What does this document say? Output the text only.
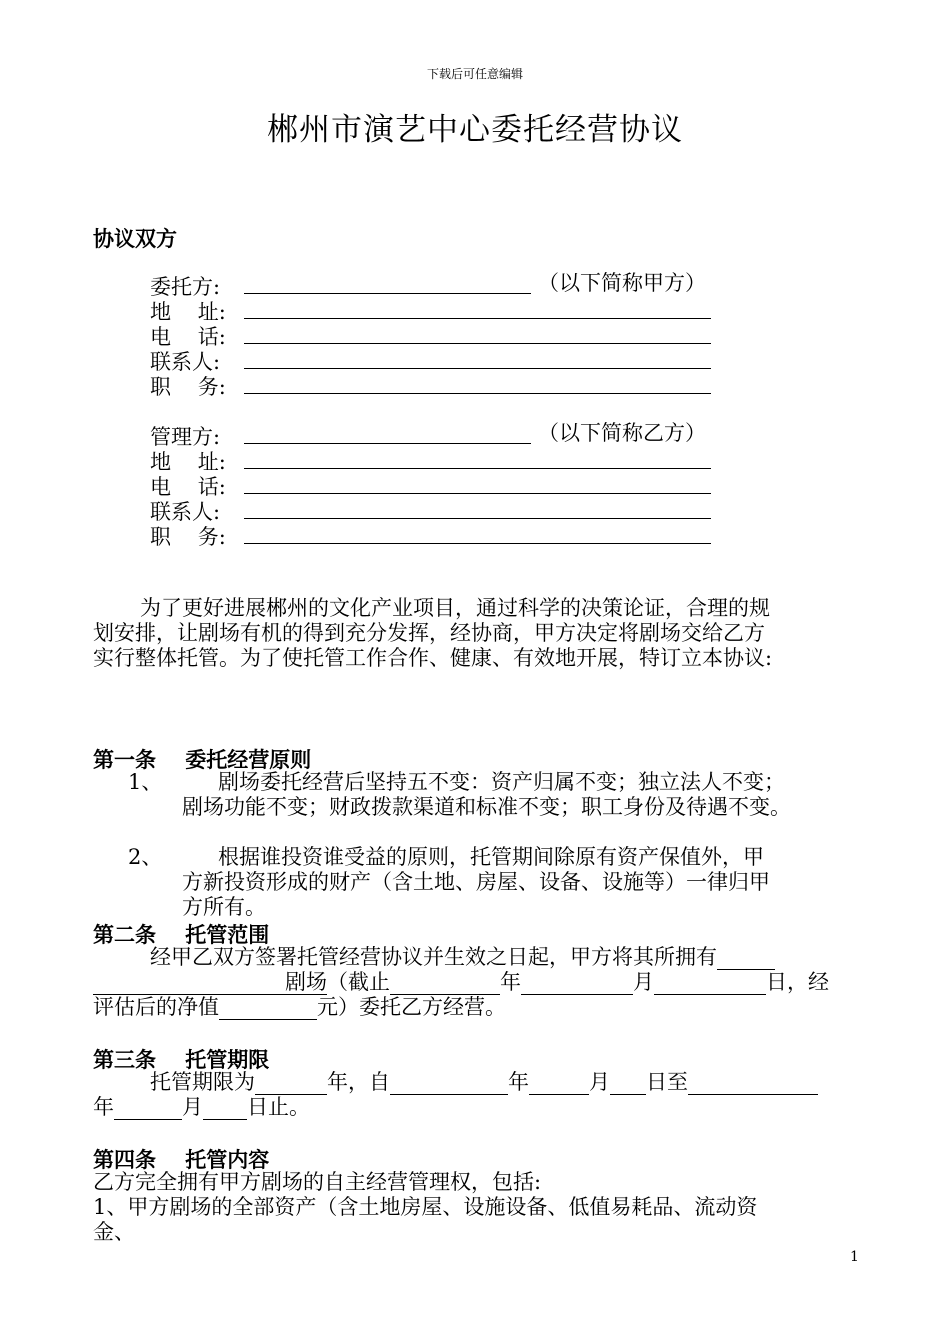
下载后可任意编辑
郴州市演艺中心委托经营协议
协议双方
委托方:	（以下简称甲方）
地    址:
电    话:
联系人:
职    务:
管理方:	（以下简称乙方）
地    址:
电    话:
联系人:
职    务:
为了更好进展郴州的文化产业项目，通过科学的决策论证，合理的规
划安排，让剧场有机的得到充分发挥，经协商，甲方决定将剧场交给乙方
实行整体托管。为了使托管工作合作、健康、有效地开展，特订立本协议:
第一条    委托经营原则
1、	剧场委托经营后坚持五不变：资产归属不变；独立法人不变；
剧场功能不变；财政拨款渠道和标准不变；职工身份及待遇不变。
2、	根据谁投资谁受益的原则，托管期间除原有资产保值外，甲
方新投资形成的财产（含土地、房屋、设备、设施等）一律归甲
方所有。
第二条    托管范围
经甲乙双方签署托管经营协议并生效之日起，甲方将其所拥有
剧场（截止	年	月	日，经
评估后的净值	元）委托乙方经营。
第三条    托管期限
托管期限为	年，自	年	月 日至
年	月 日止。
第四条    托管内容
乙方完全拥有甲方剧场的自主经营管理权，包括:
1、甲方剧场的全部资产（含土地房屋、设施设备、低值易耗品、流动资
金、
1
